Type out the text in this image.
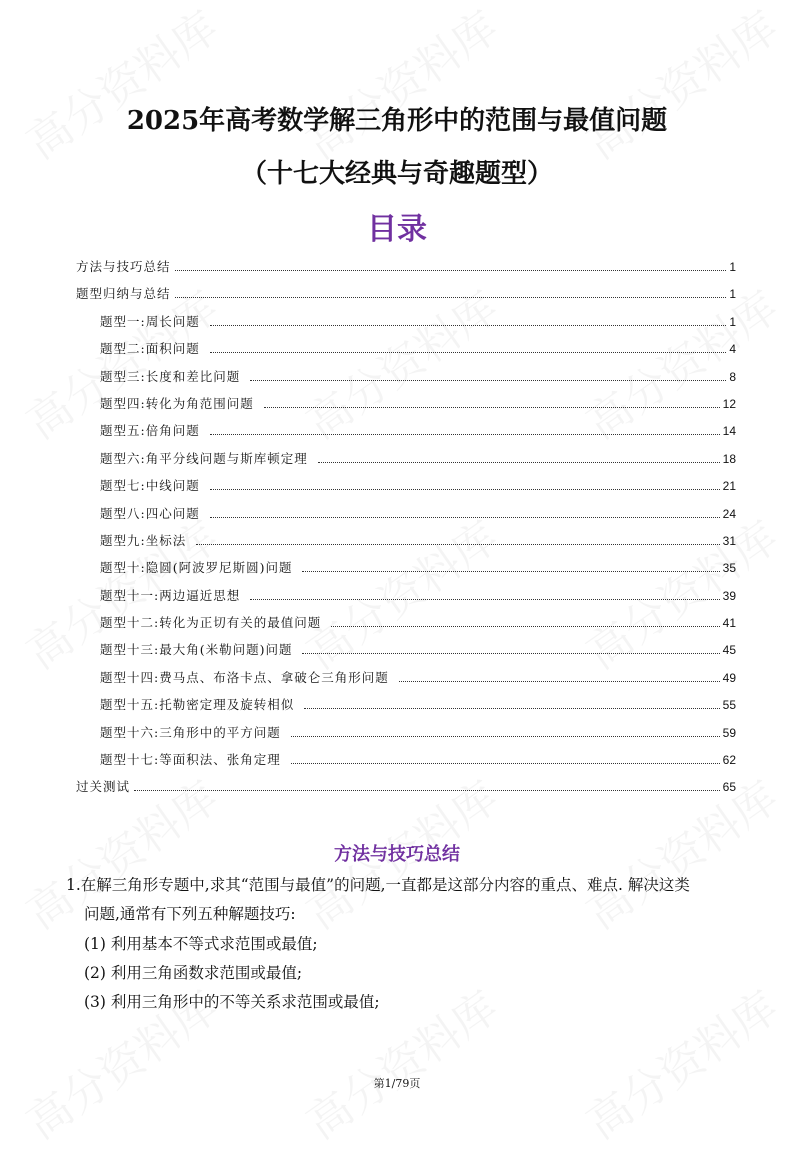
2025年高考数学解三角形中的范围与最值问题
（十七大经典与奇趣题型）
目录
方法与技巧总结	1
题型归纳与总结	1
题型一:周长问题	1
题型二:面积问题	4
题型三:长度和差比问题	8
题型四:转化为角范围问题	12
题型五:倍角问题	14
题型六:角平分线问题与斯库顿定理	18
题型七:中线问题	21
题型八:四心问题	24
题型九:坐标法	31
题型十:隐圆(阿波罗尼斯圆)问题	35
题型十一:两边逼近思想	39
题型十二:转化为正切有关的最值问题	41
题型十三:最大角(米勒问题)问题	45
题型十四:费马点、布洛卡点、拿破仑三角形问题	49
题型十五:托勒密定理及旋转相似	55
题型十六:三角形中的平方问题	59
题型十七:等面积法、张角定理	62
过关测试	65
方法与技巧总结

1.在解三角形专题中,求其“范围与最值”的问题,一直都是这部分内容的重点、难点. 解决这类

问题,通常有下列五种解题技巧:

(1) 利用基本不等式求范围或最值;

(2) 利用三角函数求范围或最值;

(3) 利用三角形中的不等关系求范围或最值;

第1/79页
